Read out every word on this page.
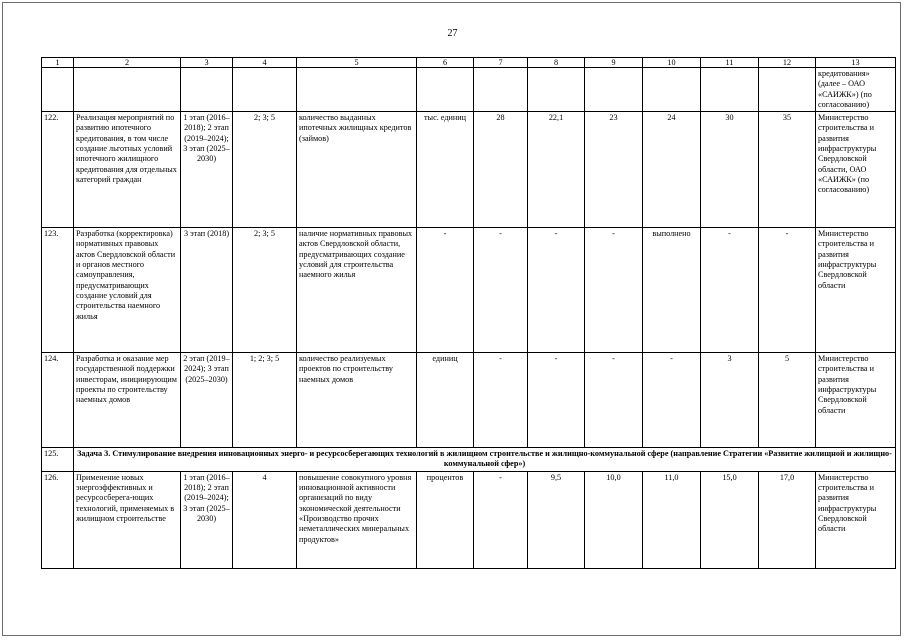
27
1	2	3	4	5	6	7	8	9	10	11	12	13
												кредитования» (далее – ОАО «САИЖК») (по согласованию)
122.	Реализация мероприятий по развитию ипотечного кредитования, в том числе создание льготных условий ипотечного жилищного кредитования для отдельных категорий граждан	1 этап (2016–2018); 2 этап (2019–2024); 3 этап (2025–2030)	2; 3; 5	количество выданных ипотечных жилищных кредитов (займов)	тыс. единиц	28	22,1	23	24	30	35	Министерство строительства и развития инфраструктуры Свердловской области, ОАО «САИЖК» (по согласованию)
123.	Разработка (корректировка) нормативных правовых актов Свердловской области и органов местного самоуправления, предусматривающих создание условий для строительства наемного жилья	3 этап (2018)	2; 3; 5	наличие нормативных правовых актов Свердловской области, предусматривающих создание условий для строительства наемного жилья	-	-	-	-	выполнено	-	-	Министерство строительства и развития инфраструктуры Свердловской области
124.	Разработка и оказание мер государственной поддержки инвесторам, инициирующим проекты по строительству наемных домов	2 этап (2019–2024); 3 этап (2025–2030)	1; 2; 3; 5	количество реализуемых проектов по строительству наемных домов	единиц	-	-	-	-	3	5	Министерство строительства и развития инфраструктуры Свердловской области
125.	Задача 3. Стимулирование внедрения инновационных энерго- и ресурсосберегающих технологий в жилищном строительстве и жилищно-коммунальной сфере (направление Стратегии «Развитие жилищной и жилищно-коммунальной сфер»)											
126.	Применение новых энергоэффективных и ресурсосберега-ющих технологий, применяемых в жилищном строительстве	1 этап (2016–2018); 2 этап (2019–2024); 3 этап (2025–2030)	4	повышение совокупного уровня инновационной активности организаций по виду экономической деятельности «Производство прочих неметаллических минеральных продуктов»	процентов	-	9,5	10,0	11,0	15,0	17,0	Министерство строительства и развития инфраструктуры Свердловской области
